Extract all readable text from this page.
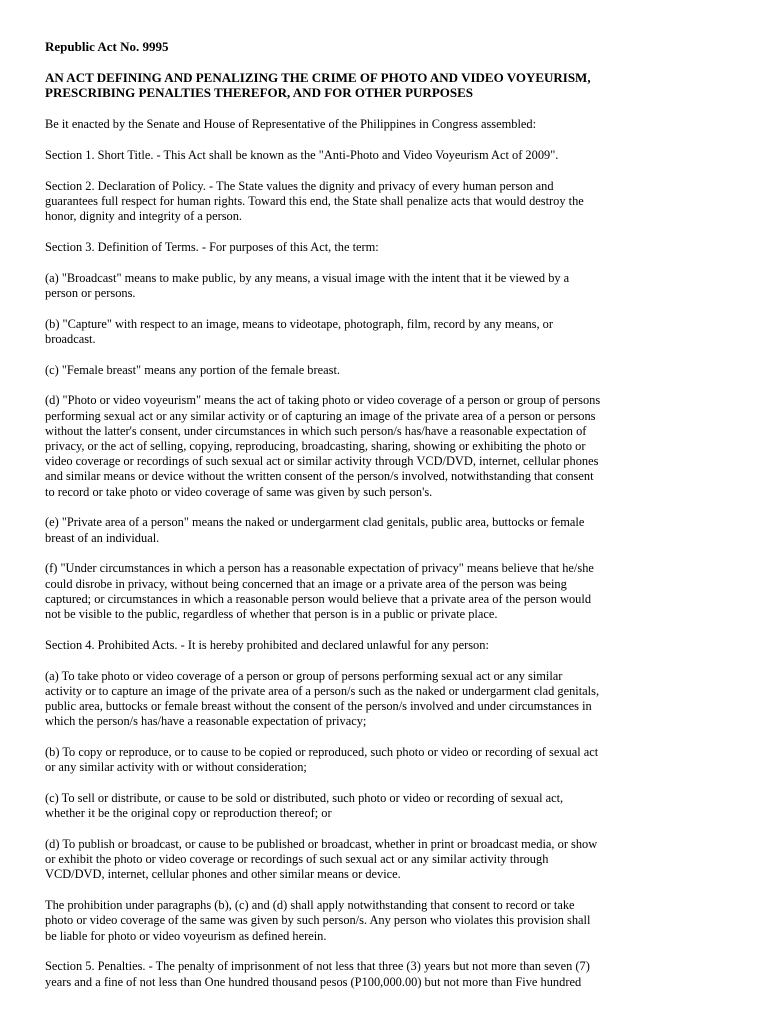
Republic Act No. 9995
AN ACT DEFINING AND PENALIZING THE CRIME OF PHOTO AND VIDEO VOYEURISM,
PRESCRIBING PENALTIES THEREFOR, AND FOR OTHER PURPOSES

Be it enacted by the Senate and House of Representative of the Philippines in Congress assembled:

Section 1. Short Title. - This Act shall be known as the "Anti-Photo and Video Voyeurism Act of 2009".

Section 2. Declaration of Policy. - The State values the dignity and privacy of every human person and
guarantees full respect for human rights. Toward this end, the State shall penalize acts that would destroy the
honor, dignity and integrity of a person.

Section 3. Definition of Terms. - For purposes of this Act, the term:

(a) "Broadcast" means to make public, by any means, a visual image with the intent that it be viewed by a
person or persons.

(b) "Capture" with respect to an image, means to videotape, photograph, film, record by any means, or
broadcast.

(c) "Female breast" means any portion of the female breast.

(d) "Photo or video voyeurism" means the act of taking photo or video coverage of a person or group of persons
performing sexual act or any similar activity or of capturing an image of the private area of a person or persons
without the latter's consent, under circumstances in which such person/s has/have a reasonable expectation of
privacy, or the act of selling, copying, reproducing, broadcasting, sharing, showing or exhibiting the photo or
video coverage or recordings of such sexual act or similar activity through VCD/DVD, internet, cellular phones
and similar means or device without the written consent of the person/s involved, notwithstanding that consent
to record or take photo or video coverage of same was given by such person's.

(e) "Private area of a person" means the naked or undergarment clad genitals, public area, buttocks or female
breast of an individual.

(f) "Under circumstances in which a person has a reasonable expectation of privacy" means believe that he/she
could disrobe in privacy, without being concerned that an image or a private area of the person was being
captured; or circumstances in which a reasonable person would believe that a private area of the person would
not be visible to the public, regardless of whether that person is in a public or private place.

Section 4. Prohibited Acts. - It is hereby prohibited and declared unlawful for any person:

(a) To take photo or video coverage of a person or group of persons performing sexual act or any similar
activity or to capture an image of the private area of a person/s such as the naked or undergarment clad genitals,
public area, buttocks or female breast without the consent of the person/s involved and under circumstances in
which the person/s has/have a reasonable expectation of privacy;

(b) To copy or reproduce, or to cause to be copied or reproduced, such photo or video or recording of sexual act
or any similar activity with or without consideration;

(c) To sell or distribute, or cause to be sold or distributed, such photo or video or recording of sexual act,
whether it be the original copy or reproduction thereof; or

(d) To publish or broadcast, or cause to be published or broadcast, whether in print or broadcast media, or show
or exhibit the photo or video coverage or recordings of such sexual act or any similar activity through
VCD/DVD, internet, cellular phones and other similar means or device.

The prohibition under paragraphs (b), (c) and (d) shall apply notwithstanding that consent to record or take
photo or video coverage of the same was given by such person/s. Any person who violates this provision shall
be liable for photo or video voyeurism as defined herein.

Section 5. Penalties. - The penalty of imprisonment of not less that three (3) years but not more than seven (7)
years and a fine of not less than One hundred thousand pesos (P100,000.00) but not more than Five hundred
